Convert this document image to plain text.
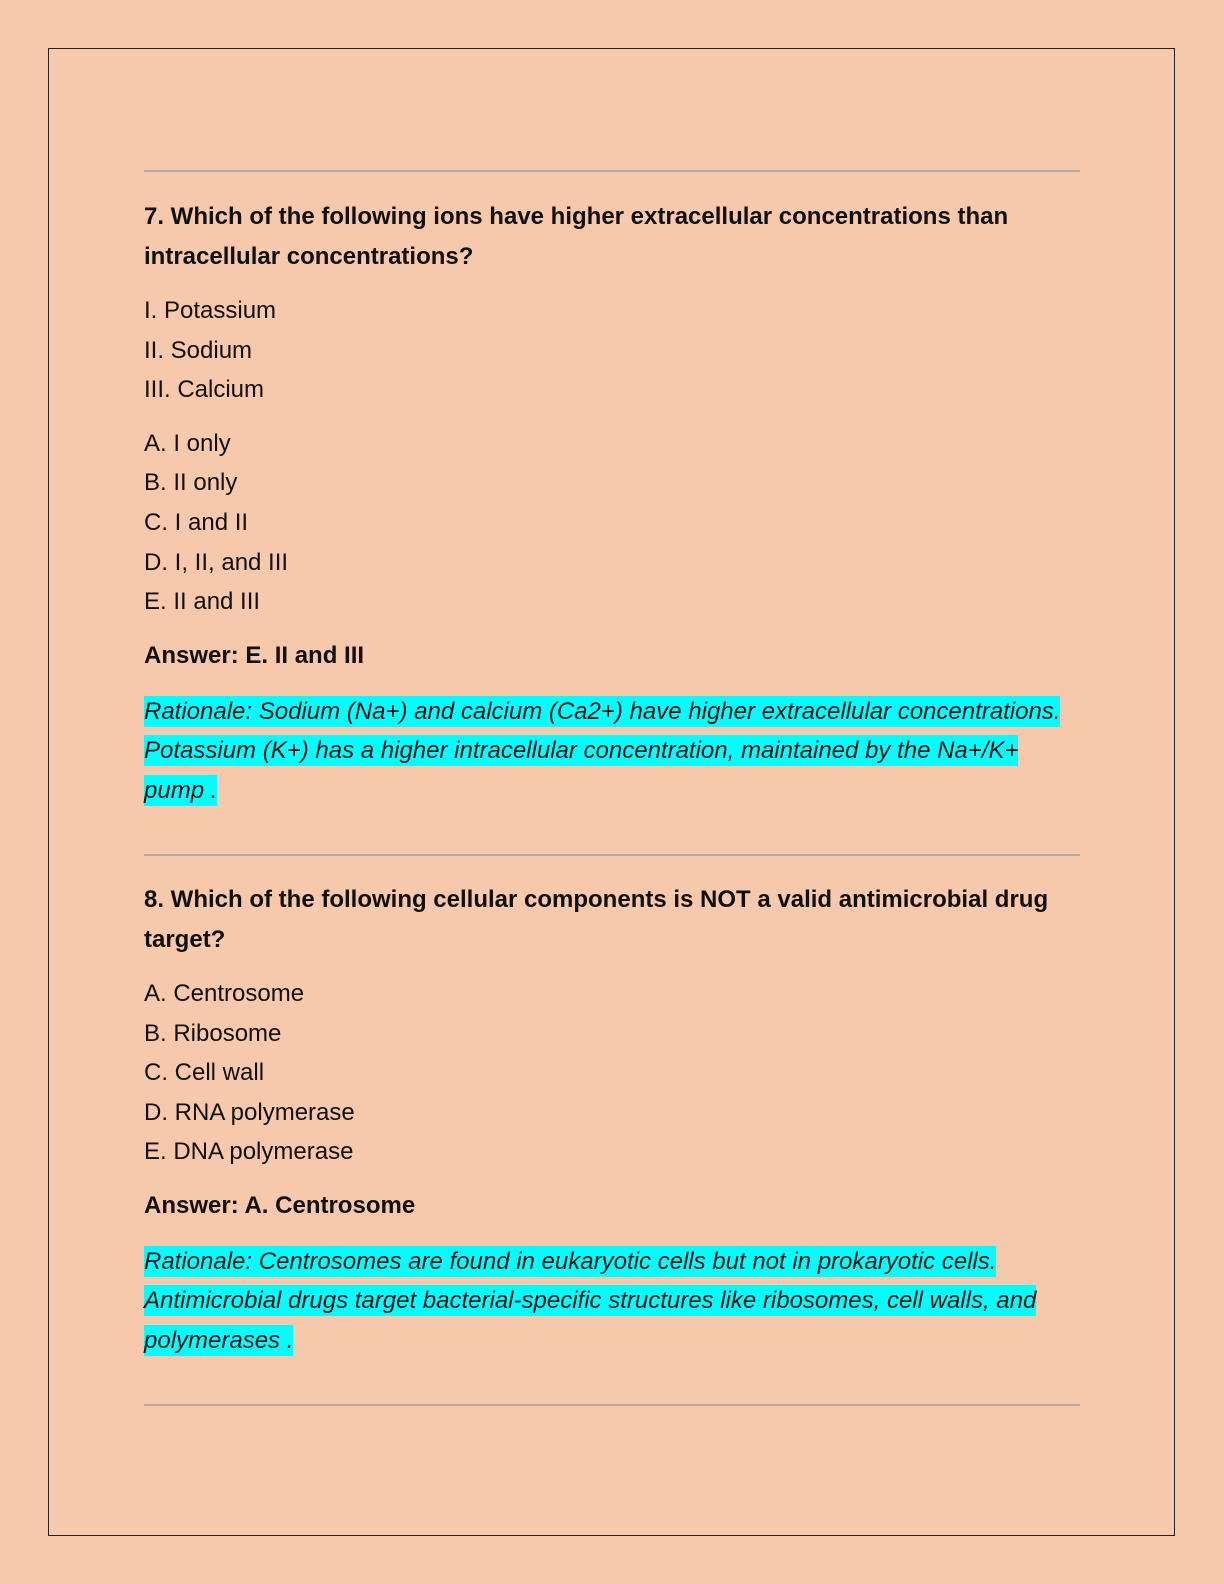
7. Which of the following ions have higher extracellular concentrations than intracellular concentrations?

I. Potassium
II. Sodium
III. Calcium
A. I only
B. II only
C. I and II
D. I, II, and III
E. II and III

Answer: E. II and III

Rationale: Sodium (Na+) and calcium (Ca2+) have higher extracellular concentrations. Potassium (K+) has a higher intracellular concentration, maintained by the Na+/K+ pump .

8. Which of the following cellular components is NOT a valid antimicrobial drug target?

A. Centrosome
B. Ribosome
C. Cell wall
D. RNA polymerase
E. DNA polymerase

Answer: A. Centrosome

Rationale: Centrosomes are found in eukaryotic cells but not in prokaryotic cells. Antimicrobial drugs target bacterial-specific structures like ribosomes, cell walls, and polymerases .
